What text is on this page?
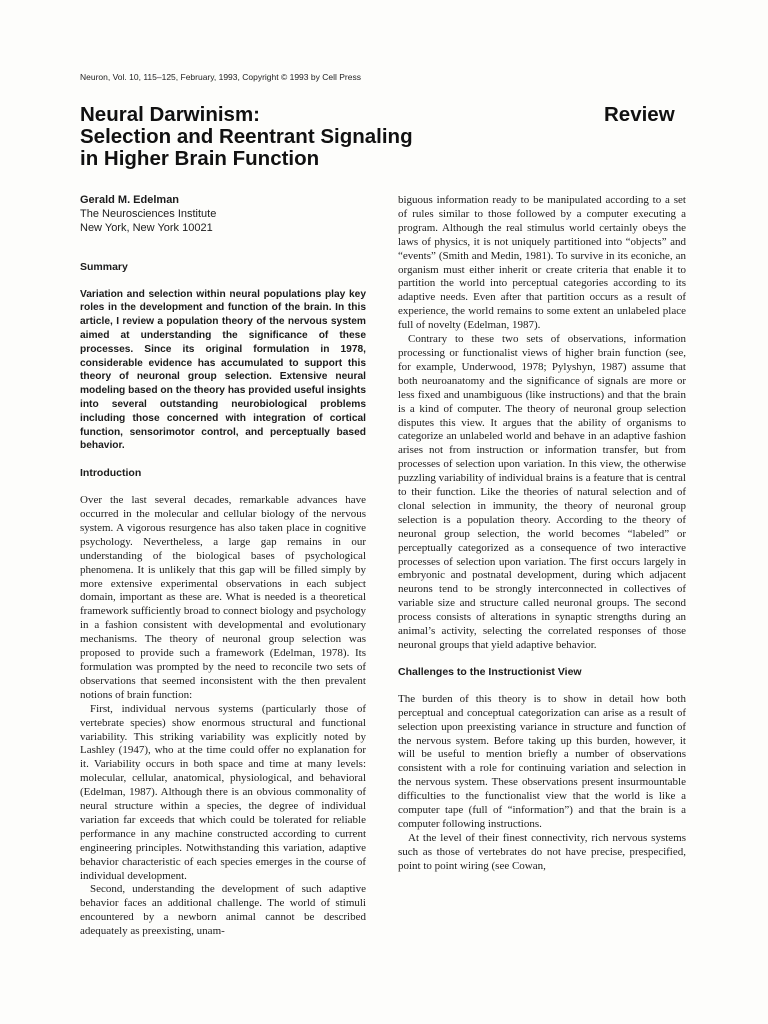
Neuron, Vol. 10, 115–125, February, 1993, Copyright © 1993 by Cell Press
Neural Darwinism:
Selection and Reentrant Signaling
in Higher Brain Function
Review
Gerald M. Edelman
The Neurosciences Institute
New York, New York 10021
Summary

Variation and selection within neural populations play key roles in the development and function of the brain. In this article, I review a population theory of the nervous system aimed at understanding the significance of these processes. Since its original formulation in 1978, considerable evidence has accumulated to support this theory of neuronal group selection. Extensive neural modeling based on the theory has provided useful insights into several outstanding neurobiological problems including those concerned with integration of cortical function, sensorimotor control, and perceptually based behavior.

Introduction

Over the last several decades, remarkable advances have occurred in the molecular and cellular biology of the nervous system. A vigorous resurgence has also taken place in cognitive psychology. Nevertheless, a large gap remains in our understanding of the biological bases of psychological phenomena. It is unlikely that this gap will be filled simply by more extensive experimental observations in each subject domain, important as these are. What is needed is a theoretical framework sufficiently broad to connect biology and psychology in a fashion consistent with developmental and evolutionary mechanisms. The theory of neuronal group selection was proposed to provide such a framework (Edelman, 1978). Its formulation was prompted by the need to reconcile two sets of observations that seemed inconsistent with the then prevalent notions of brain function:

First, individual nervous systems (particularly those of vertebrate species) show enormous structural and functional variability. This striking variability was explicitly noted by Lashley (1947), who at the time could offer no explanation for it. Variability occurs in both space and time at many levels: molecular, cellular, anatomical, physiological, and behavioral (Edelman, 1987). Although there is an obvious commonality of neural structure within a species, the degree of individual variation far exceeds that which could be tolerated for reliable performance in any machine constructed according to current engineering principles. Notwithstanding this variation, adaptive behavior characteristic of each species emerges in the course of individual development.

Second, understanding the development of such adaptive behavior faces an additional challenge. The world of stimuli encountered by a newborn animal cannot be described adequately as preexisting, unam-

biguous information ready to be manipulated according to a set of rules similar to those followed by a computer executing a program. Although the real stimulus world certainly obeys the laws of physics, it is not uniquely partitioned into “objects” and “events” (Smith and Medin, 1981). To survive in its econiche, an organism must either inherit or create criteria that enable it to partition the world into perceptual categories according to its adaptive needs. Even after that partition occurs as a result of experience, the world remains to some extent an unlabeled place full of novelty (Edelman, 1987).

Contrary to these two sets of observations, information processing or functionalist views of higher brain function (see, for example, Underwood, 1978; Pylyshyn, 1987) assume that both neuroanatomy and the significance of signals are more or less fixed and unambiguous (like instructions) and that the brain is a kind of computer. The theory of neuronal group selection disputes this view. It argues that the ability of organisms to categorize an unlabeled world and behave in an adaptive fashion arises not from instruction or information transfer, but from processes of selection upon variation. In this view, the otherwise puzzling variability of individual brains is a feature that is central to their function. Like the theories of natural selection and of clonal selection in immunity, the theory of neuronal group selection is a population theory. According to the theory of neuronal group selection, the world becomes “labeled” or perceptually categorized as a consequence of two interactive processes of selection upon variation. The first occurs largely in embryonic and postnatal development, during which adjacent neurons tend to be strongly interconnected in collectives of variable size and structure called neuronal groups. The second process consists of alterations in synaptic strengths during an animal’s activity, selecting the correlated responses of those neuronal groups that yield adaptive behavior.

Challenges to the Instructionist View

The burden of this theory is to show in detail how both perceptual and conceptual categorization can arise as a result of selection upon preexisting variance in structure and function of the nervous system. Before taking up this burden, however, it will be useful to mention briefly a number of observations consistent with a role for continuing variation and selection in the nervous system. These observations present insurmountable difficulties to the functionalist view that the world is like a computer tape (full of “information”) and that the brain is a computer following instructions.

At the level of their finest connectivity, rich nervous systems such as those of vertebrates do not have precise, prespecified, point to point wiring (see Cowan,
